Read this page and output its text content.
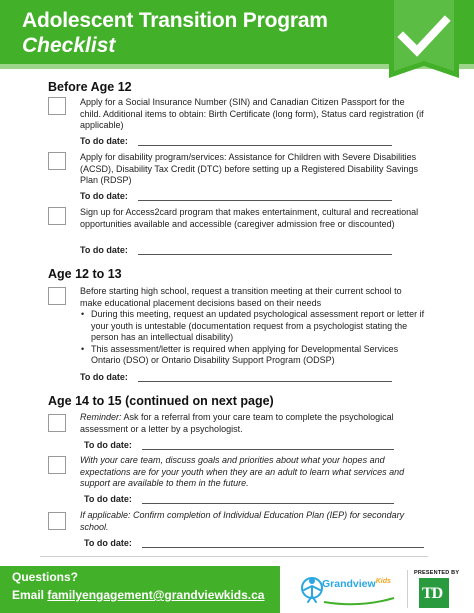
Adolescent Transition Program
Checklist
Before Age 12
Apply for a Social Insurance Number (SIN) and Canadian Citizen Passport for the child. Additional items to obtain: Birth Certificate (long form), Status card registration (if applicable)
To do date:
Apply for disability program/services: Assistance for Children with Severe Disabilities (ACSD), Disability Tax Credit (DTC) before setting up a Registered Disability Savings Plan (RDSP)
To do date:
Sign up for Access2card program that makes entertainment, cultural and recreational opportunities available and accessible (caregiver admission free or discounted)
To do date:
Age 12 to 13
Before starting high school, request a transition meeting at their current school to make educational placement decisions based on their needs
• During this meeting, request an updated psychological assessment report or letter if your youth is untestable (documentation request from a psychologist stating the person has an intellectual disability)
• This assessment/letter is required when applying for Developmental Services Ontario (DSO) or Ontario Disability Support Program (ODSP)
To do date:
Age 14 to 15 (continued on next page)
Reminder: Ask for a referral from your care team to complete the psychological assessment or a letter by a psychologist.
To do date:
With your care team, discuss goals and priorities about what your hopes and expectations are for your youth when they are an adult to learn what services and support are available to them in the future.
To do date:
If applicable: Confirm completion of Individual Education Plan (IEP) for secondary school.
To do date:
Questions?
Email familyengagement@grandviewkids.ca
Grandview$^{Kids}$
PRESENTED BY
TD
